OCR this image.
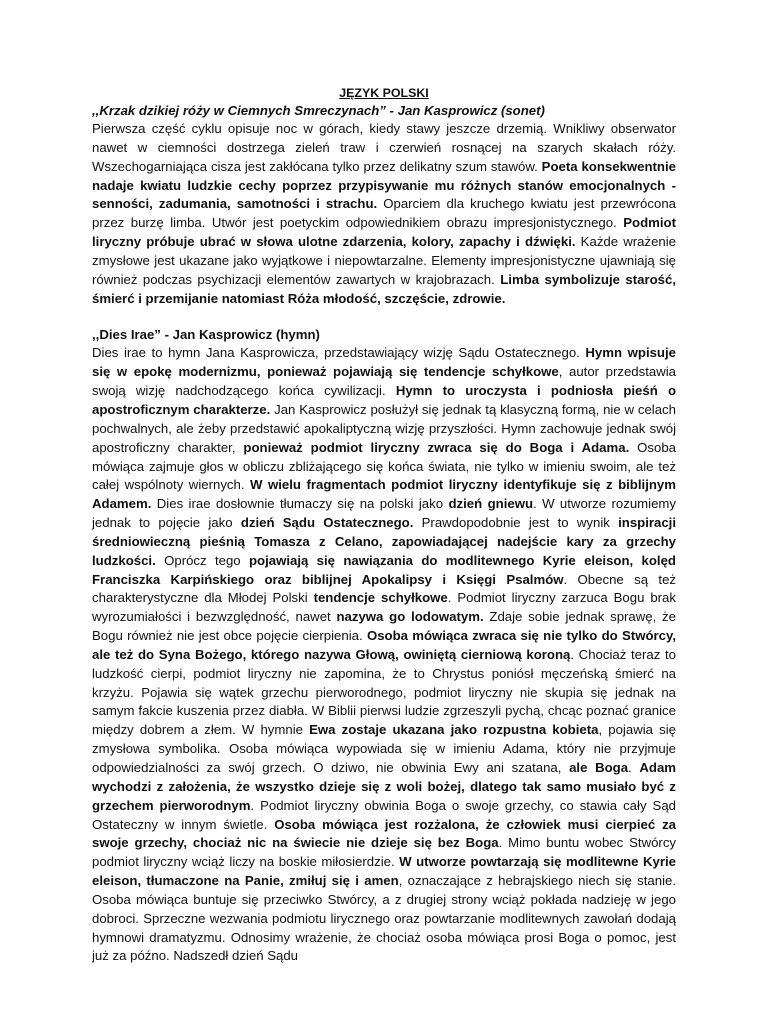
JĘZYK POLSKI
,,Krzak dzikiej róży w Ciemnych Smreczynach” - Jan Kasprowicz (sonet)

Pierwsza część cyklu opisuje noc w górach, kiedy stawy jeszcze drzemią. Wnikliwy obserwator nawet w ciemności dostrzega zieleń traw i czerwień rosnącej na szarych skałach róży. Wszechogarniająca cisza jest zakłócana tylko przez delikatny szum stawów. Poeta konsekwentnie nadaje kwiatu ludzkie cechy poprzez przypisywanie mu różnych stanów emocjonalnych - senności, zadumania, samotności i strachu. Oparciem dla kruchego kwiatu jest przewrócona przez burzę limba. Utwór jest poetyckim odpowiednikiem obrazu impresjonistycznego. Podmiot liryczny próbuje ubrać w słowa ulotne zdarzenia, kolory, zapachy i dźwięki. Każde wrażenie zmysłowe jest ukazane jako wyjątkowe i niepowtarzalne. Elementy impresjonistyczne ujawniają się również podczas psychizacji elementów zawartych w krajobrazach. Limba symbolizuje starość, śmierć i przemijanie natomiast Róża młodość, szczęście, zdrowie.

,,Dies Irae” - Jan Kasprowicz (hymn)

Dies irae to hymn Jana Kasprowicza, przedstawiający wizję Sądu Ostatecznego. Hymn wpisuje się w epokę modernizmu, ponieważ pojawiają się tendencje schyłkowe, autor przedstawia swoją wizję nadchodzącego końca cywilizacji. Hymn to uroczysta i podniosła pieśń o apostroficznym charakterze. Jan Kasprowicz posłużył się jednak tą klasyczną formą, nie w celach pochwalnych, ale żeby przedstawić apokaliptyczną wizję przyszłości. Hymn zachowuje jednak swój apostroficzny charakter, ponieważ podmiot liryczny zwraca się do Boga i Adama. Osoba mówiąca zajmuje głos w obliczu zbliżającego się końca świata, nie tylko w imieniu swoim, ale też całej wspólnoty wiernych. W wielu fragmentach podmiot liryczny identyfikuje się z biblijnym Adamem. Dies irae dosłownie tłumaczy się na polski jako dzień gniewu. W utworze rozumiemy jednak to pojęcie jako dzień Sądu Ostatecznego. Prawdopodobnie jest to wynik inspiracji średniowieczną pieśnią Tomasza z Celano, zapowiadającej nadejście kary za grzechy ludzkości. Oprócz tego pojawiają się nawiązania do modlitewnego Kyrie eleison, kolęd Franciszka Karpińskiego oraz biblijnej Apokalipsy i Księgi Psalmów. Obecne są też charakterystyczne dla Młodej Polski tendencje schyłkowe. Podmiot liryczny zarzuca Bogu brak wyrozumiałości i bezwzględność, nawet nazywa go lodowatym. Zdaje sobie jednak sprawę, że Bogu również nie jest obce pojęcie cierpienia. Osoba mówiąca zwraca się nie tylko do Stwórcy, ale też do Syna Bożego, którego nazywa Głową, owiniętą cierniową koroną. Chociaż teraz to ludzkość cierpi, podmiot liryczny nie zapomina, że to Chrystus poniósł męczeńską śmierć na krzyżu. Pojawia się wątek grzechu pierworodnego, podmiot liryczny nie skupia się jednak na samym fakcie kuszenia przez diabła. W Biblii pierwsi ludzie zgrzeszyli pychą, chcąc poznać granice między dobrem a złem. W hymnie Ewa zostaje ukazana jako rozpustna kobieta, pojawia się zmysłowa symbolika. Osoba mówiąca wypowiada się w imieniu Adama, który nie przyjmuje odpowiedzialności za swój grzech. O dziwo, nie obwinia Ewy ani szatana, ale Boga. Adam wychodzi z założenia, że wszystko dzieje się z woli bożej, dlatego tak samo musiało być z grzechem pierworodnym. Podmiot liryczny obwinia Boga o swoje grzechy, co stawia cały Sąd Ostateczny w innym świetle. Osoba mówiąca jest rozżalona, że człowiek musi cierpieć za swoje grzechy, chociaż nic na świecie nie dzieje się bez Boga. Mimo buntu wobec Stwórcy podmiot liryczny wciąż liczy na boskie miłosierdzie. W utworze powtarzają się modlitewne Kyrie eleison, tłumaczone na Panie, zmiłuj się i amen, oznaczające z hebrajskiego niech się stanie. Osoba mówiąca buntuje się przeciwko Stwórcy, a z drugiej strony wciąż pokłada nadzieję w jego dobroci. Sprzeczne wezwania podmiotu lirycznego oraz powtarzanie modlitewnych zawołań dodają hymnowi dramatyzmu. Odnosimy wrażenie, że chociaż osoba mówiąca prosi Boga o pomoc, jest już za późno. Nadszedł dzień Sądu
